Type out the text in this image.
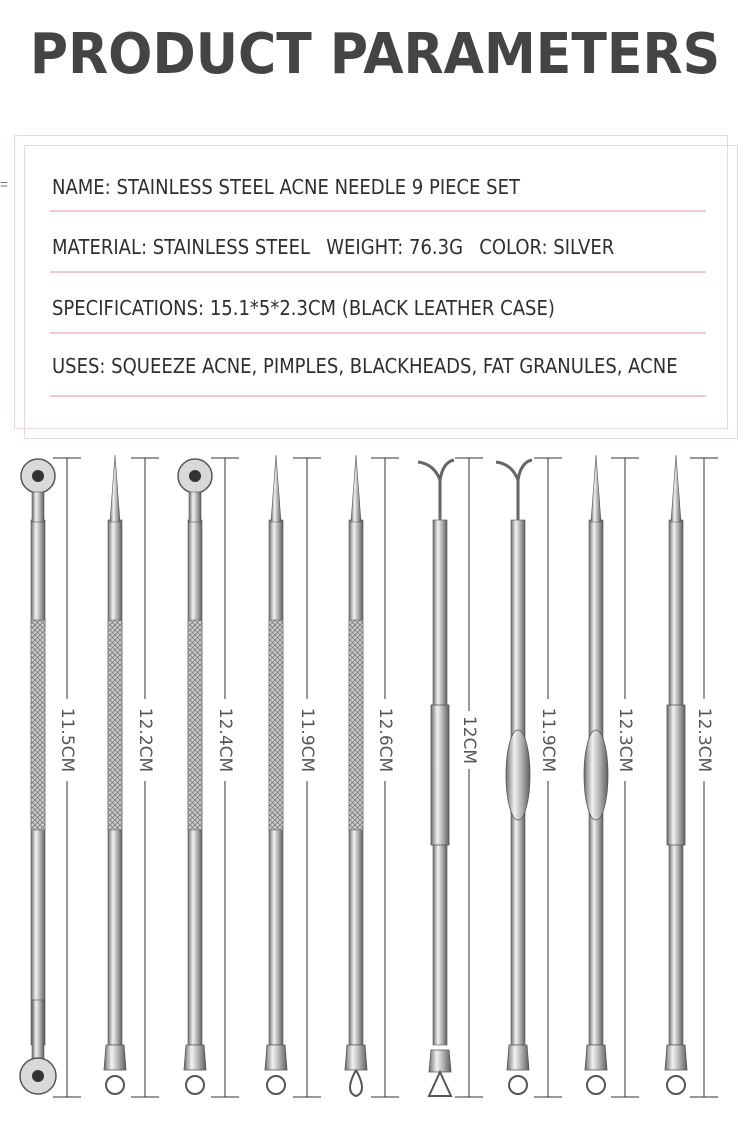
PRODUCT PARAMETERS
= NAME: STAINLESS STEEL ACNE NEEDLE 9 PIECE SET
MATERIAL: STAINLESS STEEL WEIGHT: 76.3G COLOR: SILVER
SPECIFICATIONS: 15.1*5*2.3CM (BLACK LEATHER CASE)
USES: SQUEEZE ACNE, PIMPLES, BLACKHEADS, FAT GRANULES, ACNE
11.5CM	12.2CM	12.4CM	11.9CM	12.6CM	12CM	11.9CM	12.3CM	12.3CM
